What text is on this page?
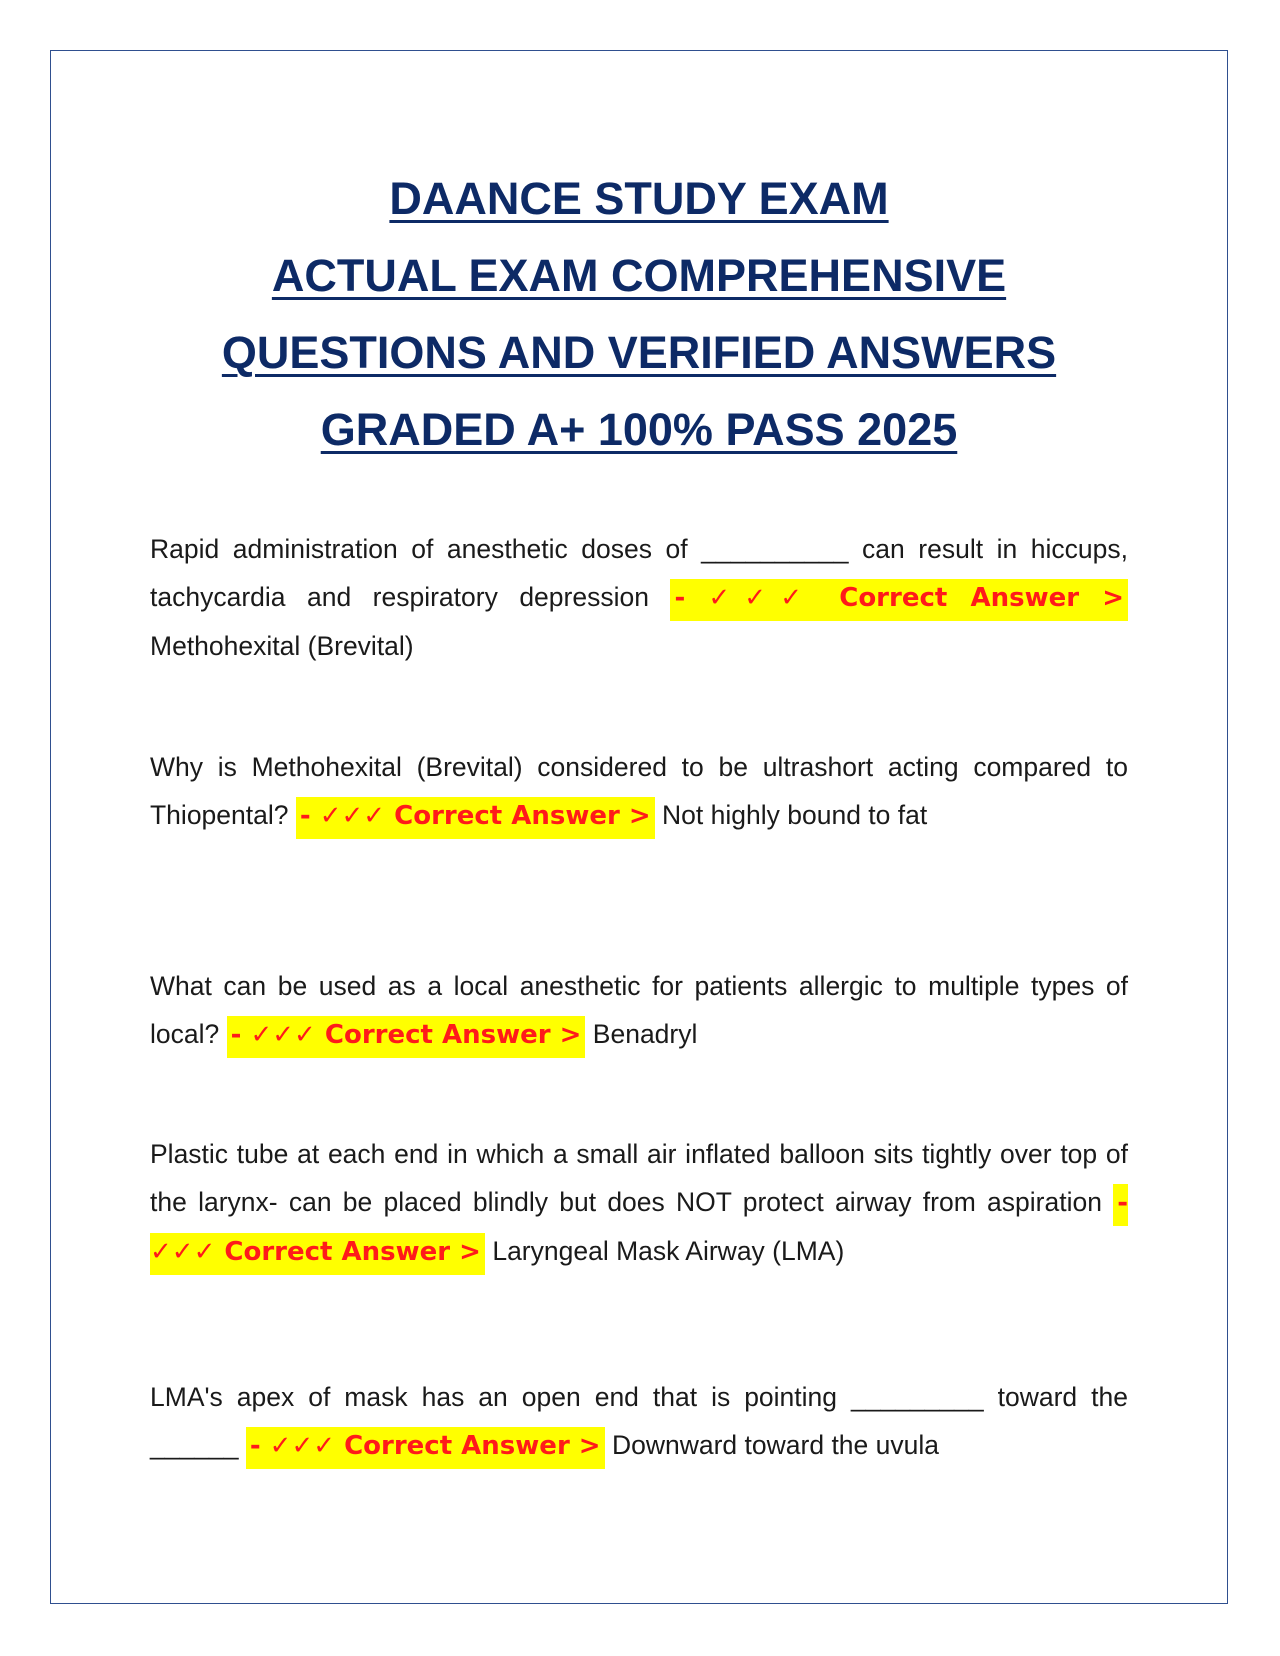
DAANCE STUDY EXAM
ACTUAL EXAM COMPREHENSIVE
QUESTIONS AND VERIFIED ANSWERS
GRADED A+ 100% PASS 2025
Rapid administration of anesthetic doses of __________ can result in hiccups, tachycardia and respiratory depression - ✓✓✓ Correct Answer > Methohexital (Brevital)
Why is Methohexital (Brevital) considered to be ultrashort acting compared to Thiopental? - ✓✓✓ Correct Answer > Not highly bound to fat
What can be used as a local anesthetic for patients allergic to multiple types of local? - ✓✓✓ Correct Answer > Benadryl
Plastic tube at each end in which a small air inflated balloon sits tightly over top of the larynx- can be placed blindly but does NOT protect airway from aspiration - ✓✓✓ Correct Answer > Laryngeal Mask Airway (LMA)
LMA's apex of mask has an open end that is pointing _________ toward the ______ - ✓✓✓ Correct Answer > Downward toward the uvula
